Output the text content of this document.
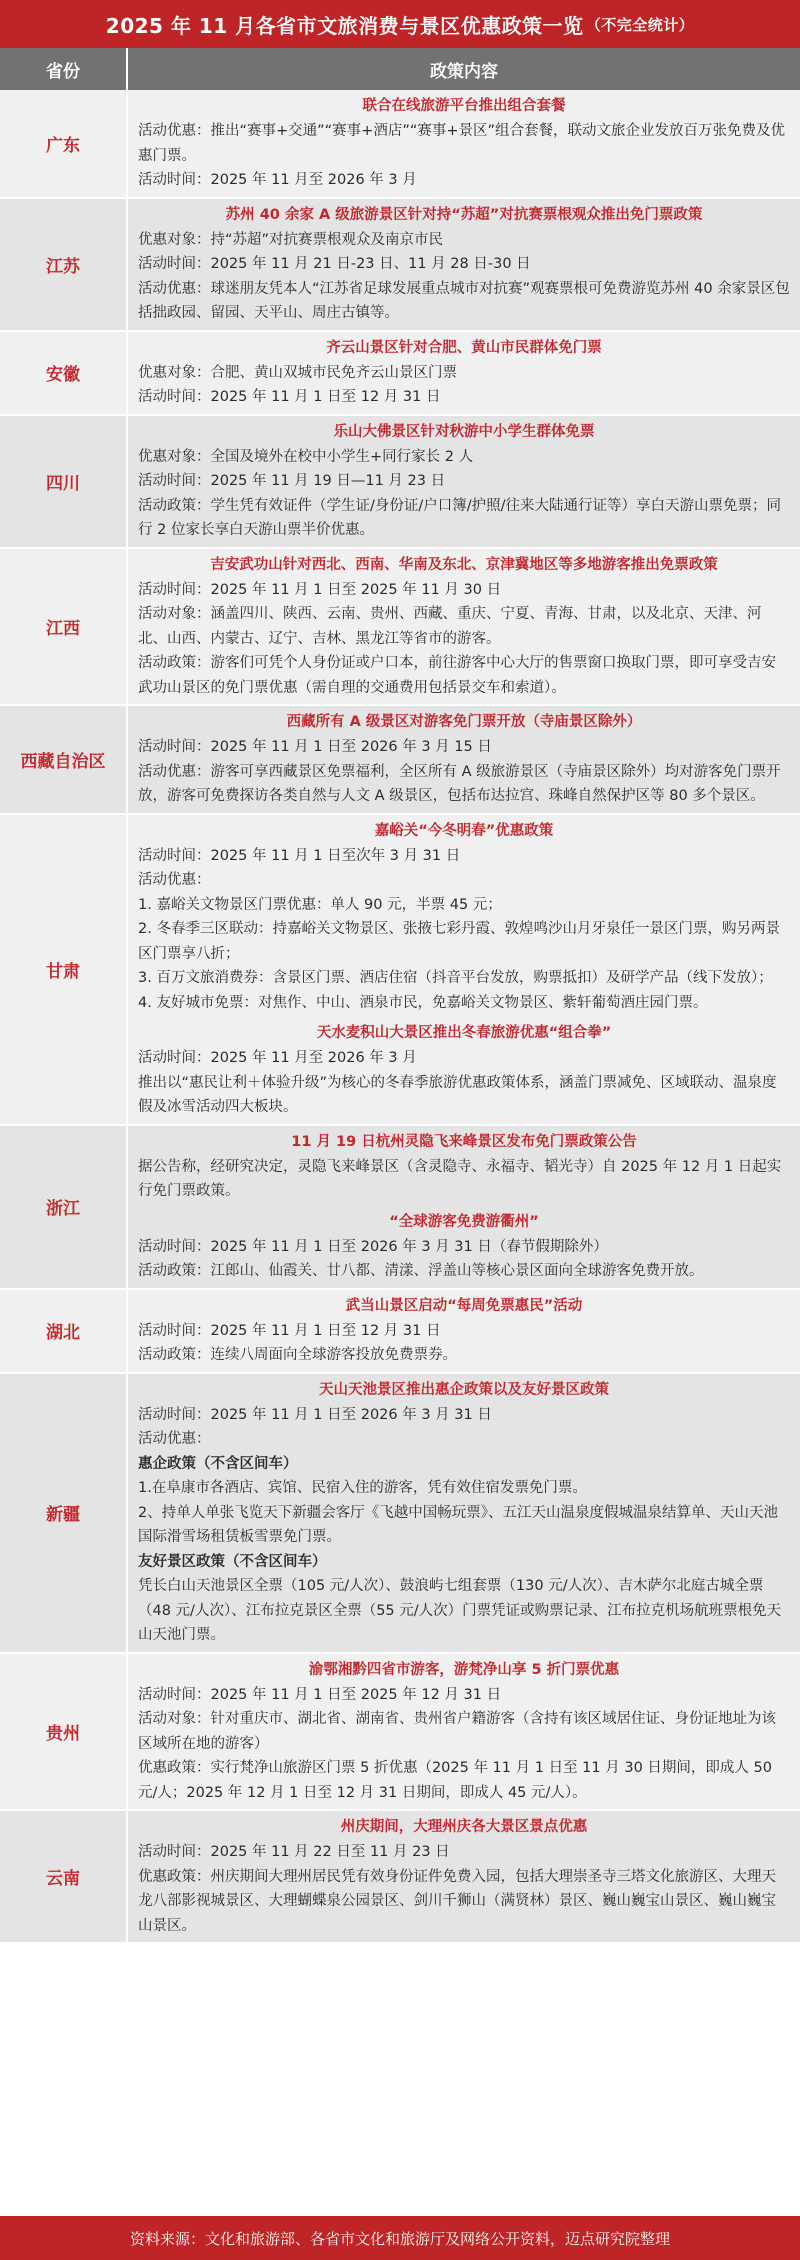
2025 年 11 月各省市文旅消费与景区优惠政策一览 （不完全统计）
省份	政策内容
广东
联合在线旅游平台推出组合套餐
活动优惠：推出“赛事+交通”“赛事+酒店”“赛事+景区”组合套餐，联动文旅企业发放百万张免费及优惠门票。
活动时间：2025 年 11 月至 2026 年 3 月
江苏
苏州 40 余家 A 级旅游景区针对持“苏超”对抗赛票根观众推出免门票政策
优惠对象：持“苏超”对抗赛票根观众及南京市民
活动时间：2025 年 11 月 21 日-23 日、11 月 28 日-30 日
活动优惠：球迷朋友凭本人“江苏省足球发展重点城市对抗赛”观赛票根可免费游览苏州 40 余家景区包括拙政园、留园、天平山、周庄古镇等。
安徽
齐云山景区针对合肥、黄山市民群体免门票
优惠对象：合肥、黄山双城市民免齐云山景区门票
活动时间：2025 年 11 月 1 日至 12 月 31 日
四川
乐山大佛景区针对秋游中小学生群体免票
优惠对象：全国及境外在校中小学生+同行家长 2 人
活动时间：2025 年 11 月 19 日—11 月 23 日
活动政策：学生凭有效证件（学生证/身份证/户口簿/护照/往来大陆通行证等）享白天游山票免票；同行 2 位家长享白天游山票半价优惠。
江西
吉安武功山针对西北、西南、华南及东北、京津冀地区等多地游客推出免票政策
活动时间：2025 年 11 月 1 日至 2025 年 11 月 30 日
活动对象：涵盖四川、陕西、云南、贵州、西藏、重庆、宁夏、青海、甘肃，以及北京、天津、河北、山西、内蒙古、辽宁、吉林、黑龙江等省市的游客。
活动政策：游客们可凭个人身份证或户口本，前往游客中心大厅的售票窗口换取门票，即可享受吉安武功山景区的免门票优惠（需自理的交通费用包括景交车和索道）。
西藏自治区
西藏所有 A 级景区对游客免门票开放（寺庙景区除外）
活动时间：2025 年 11 月 1 日至 2026 年 3 月 15 日
活动优惠：游客可享西藏景区免票福利，全区所有 A 级旅游景区（寺庙景区除外）均对游客免门票开放，游客可免费探访各类自然与人文 A 级景区，包括布达拉宫、珠峰自然保护区等 80 多个景区。
甘肃
嘉峪关“今冬明春”优惠政策
活动时间：2025 年 11 月 1 日至次年 3 月 31 日
活动优惠：
1. 嘉峪关文物景区门票优惠：单人 90 元，半票 45 元；
2. 冬春季三区联动：持嘉峪关文物景区、张掖七彩丹霞、敦煌鸣沙山月牙泉任一景区门票，购另两景区门票享八折；
3. 百万文旅消费券：含景区门票、酒店住宿（抖音平台发放，购票抵扣）及研学产品（线下发放）；
4. 友好城市免票：对焦作、中山、酒泉市民，免嘉峪关文物景区、紫轩葡萄酒庄园门票。
天水麦积山大景区推出冬春旅游优惠“组合拳”
活动时间：2025 年 11 月至 2026 年 3 月
推出以“惠民让利＋体验升级”为核心的冬春季旅游优惠政策体系，涵盖门票减免、区域联动、温泉度假及冰雪活动四大板块。
浙江
11 月 19 日杭州灵隐飞来峰景区发布免门票政策公告
据公告称，经研究决定，灵隐飞来峰景区（含灵隐寺、永福寺、韬光寺）自 2025 年 12 月 1 日起实行免门票政策。
“全球游客免费游衢州”
活动时间：2025 年 11 月 1 日至 2026 年 3 月 31 日（春节假期除外）
活动政策：江郎山、仙霞关、廿八都、清漾、浮盖山等核心景区面向全球游客免费开放。
湖北
武当山景区启动“每周免票惠民”活动
活动时间：2025 年 11 月 1 日至 12 月 31 日
活动政策：连续八周面向全球游客投放免费票券。
新疆
天山天池景区推出惠企政策以及友好景区政策
活动时间：2025 年 11 月 1 日至 2026 年 3 月 31 日
活动优惠：
惠企政策（不含区间车）
1.在阜康市各酒店、宾馆、民宿入住的游客，凭有效住宿发票免门票。
2、持单人单张飞览天下新疆会客厅《飞越中国畅玩票》、五江天山温泉度假城温泉结算单、天山天池国际滑雪场租赁板雪票免门票。
友好景区政策（不含区间车）
凭长白山天池景区全票（105 元/人次）、鼓浪屿七组套票（130 元/人次）、吉木萨尔北庭古城全票（48 元/人次）、江布拉克景区全票（55 元/人次）门票凭证或购票记录、江布拉克机场航班票根免天山天池门票。
贵州
渝鄂湘黔四省市游客，游梵净山享 5 折门票优惠
活动时间：2025 年 11 月 1 日至 2025 年 12 月 31 日
活动对象：针对重庆市、湖北省、湖南省、贵州省户籍游客（含持有该区域居住证、身份证地址为该区域所在地的游客）
优惠政策：实行梵净山旅游区门票 5 折优惠（2025 年 11 月 1 日至 11 月 30 日期间，即成人 50 元/人；2025 年 12 月 1 日至 12 月 31 日期间，即成人 45 元/人）。
云南
州庆期间，大理州庆各大景区景点优惠
活动时间：2025 年 11 月 22 日至 11 月 23 日
优惠政策：州庆期间大理州居民凭有效身份证件免费入园，包括大理崇圣寺三塔文化旅游区、大理天龙八部影视城景区、大理蝴蝶泉公园景区、剑川千狮山（满贤林）景区、巍山巍宝山景区、巍山巍宝山景区。
资料来源：文化和旅游部、各省市文化和旅游厅及网络公开资料，迈点研究院整理
